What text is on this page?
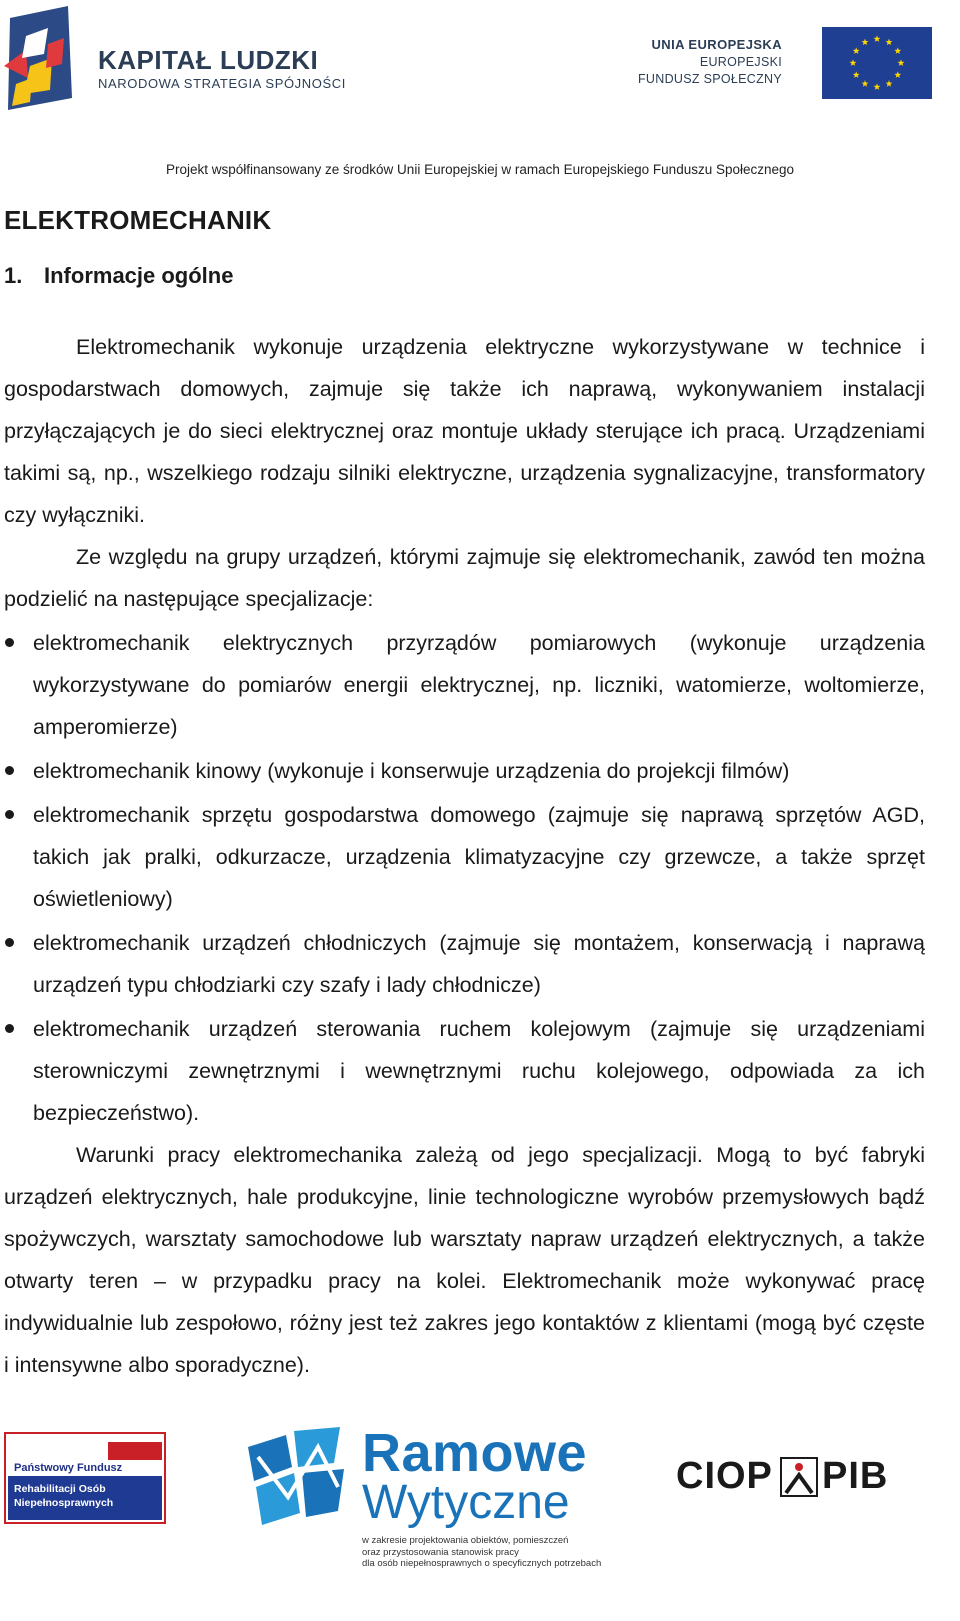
KAPITAŁ LUDZKI
NARODOWA STRATEGIA SPÓJNOŚCI
UNIA EUROPEJSKA
EUROPEJSKI
FUNDUSZ SPOŁECZNY
Projekt współfinansowany ze środków Unii Europejskiej w ramach Europejskiego Funduszu Społecznego
ELEKTROMECHANIK
1. Informacje ogólne

Elektromechanik wykonuje urządzenia elektryczne wykorzystywane w technice i gospodarstwach domowych, zajmuje się także ich naprawą, wykonywaniem instalacji przyłączających je do sieci elektrycznej oraz montuje układy sterujące ich pracą. Urządzeniami takimi są, np., wszelkiego rodzaju silniki elektryczne, urządzenia sygnalizacyjne, transformatory czy wyłączniki.

Ze względu na grupy urządzeń, którymi zajmuje się elektromechanik, zawód ten można podzielić na następujące specjalizacje:

elektromechanik elektrycznych przyrządów pomiarowych (wykonuje urządzenia wykorzystywane do pomiarów energii elektrycznej, np. liczniki, watomierze, woltomierze, amperomierze)
elektromechanik kinowy (wykonuje i konserwuje urządzenia do projekcji filmów)
elektromechanik sprzętu gospodarstwa domowego (zajmuje się naprawą sprzętów AGD, takich jak pralki, odkurzacze, urządzenia klimatyzacyjne czy grzewcze, a także sprzęt oświetleniowy)
elektromechanik urządzeń chłodniczych (zajmuje się montażem, konserwacją i naprawą urządzeń typu chłodziarki czy szafy i lady chłodnicze)
elektromechanik urządzeń sterowania ruchem kolejowym (zajmuje się urządzeniami sterowniczymi zewnętrznymi i wewnętrznymi ruchu kolejowego, odpowiada za ich bezpieczeństwo).

Warunki pracy elektromechanika zależą od jego specjalizacji. Mogą to być fabryki urządzeń elektrycznych, hale produkcyjne, linie technologiczne wyrobów przemysłowych bądź spożywczych, warsztaty samochodowe lub warsztaty napraw urządzeń elektrycznych, a także otwarty teren – w przypadku pracy na kolei. Elektromechanik może wykonywać pracę indywidualnie lub zespołowo, różny jest też zakres jego kontaktów z klientami (mogą być częste i intensywne albo sporadyczne).

Państwowy Fundusz
Rehabilitacji Osób
Niepełnosprawnych
Ramowe
Wytyczne
w zakresie projektowania obiektów, pomieszczeń
oraz przystosowania stanowisk pracy
dla osób niepełnosprawnych o specyficznych potrzebach
CIOP PIB
